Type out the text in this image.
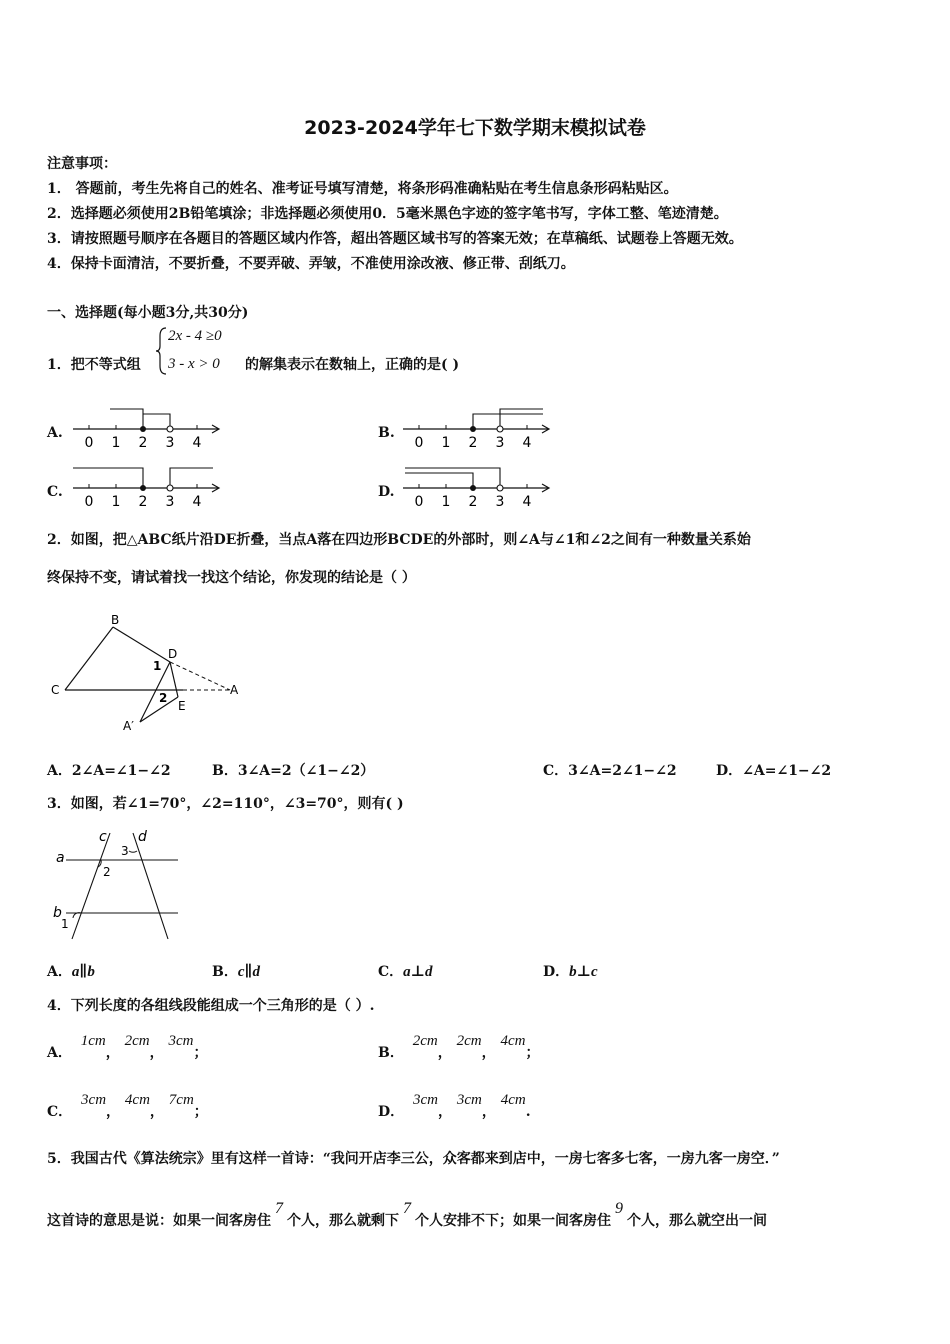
2023-2024学年七下数学期末模拟试卷
注意事项：
1． 答题前，考生先将自己的姓名、准考证号填写清楚，将条形码准确粘贴在考生信息条形码粘贴区。
2．选择题必须使用2B铅笔填涂；非选择题必须使用0．5毫米黑色字迹的签字笔书写，字体工整、笔迹清楚。
3．请按照题号顺序在各题目的答题区域内作答，超出答题区域书写的答案无效；在草稿纸、试题卷上答题无效。
4．保持卡面清洁，不要折叠，不要弄破、弄皱，不准使用涂改液、修正带、刮纸刀。
一、选择题(每小题3分,共30分)
1．把不等式组
2x - 4 ≥0
3 - x > 0 的解集表示在数轴上，正确的是( )
A.	B.
C.	D.
0 1 2 3 4	0 1 2 3 4
0 1 2 3 4	0 1 2 3 4
2．如图，把△ABC纸片沿DE折叠，当点A落在四边形BCDE的外部时，则∠A与∠1和∠2之间有一种数量关系始
终保持不变，请试着找一找这个结论，你发现的结论是（ ）
B
C
D
A
A′
E
1
2
A．2∠A=∠1−∠2	B．3∠A=2（∠1−∠2）	C．3∠A=2∠1−∠2	D．∠A=∠1−∠2
3．如图，若∠1=70°，∠2=110°，∠3=70°，则有( )
a
b
c d
1
2
3
A．a∥b	B．c∥d	C．a⊥d	D．b⊥c
4．下列长度的各组线段能组成一个三角形的是（ ）.
A． 1cm， 2cm， 3cm；	B． 2cm， 2cm， 4cm；
C． 3cm， 4cm， 7cm；	D． 3cm， 3cm， 4cm.
5．我国古代《算法统宗》里有这样一首诗：“我问开店李三公，众客都来到店中，一房七客多七客，一房九客一房空．”
这首诗的意思是说：如果一间客房住7个人，那么就剩下7个人安排不下；如果一间客房住9个人，那么就空出一间
